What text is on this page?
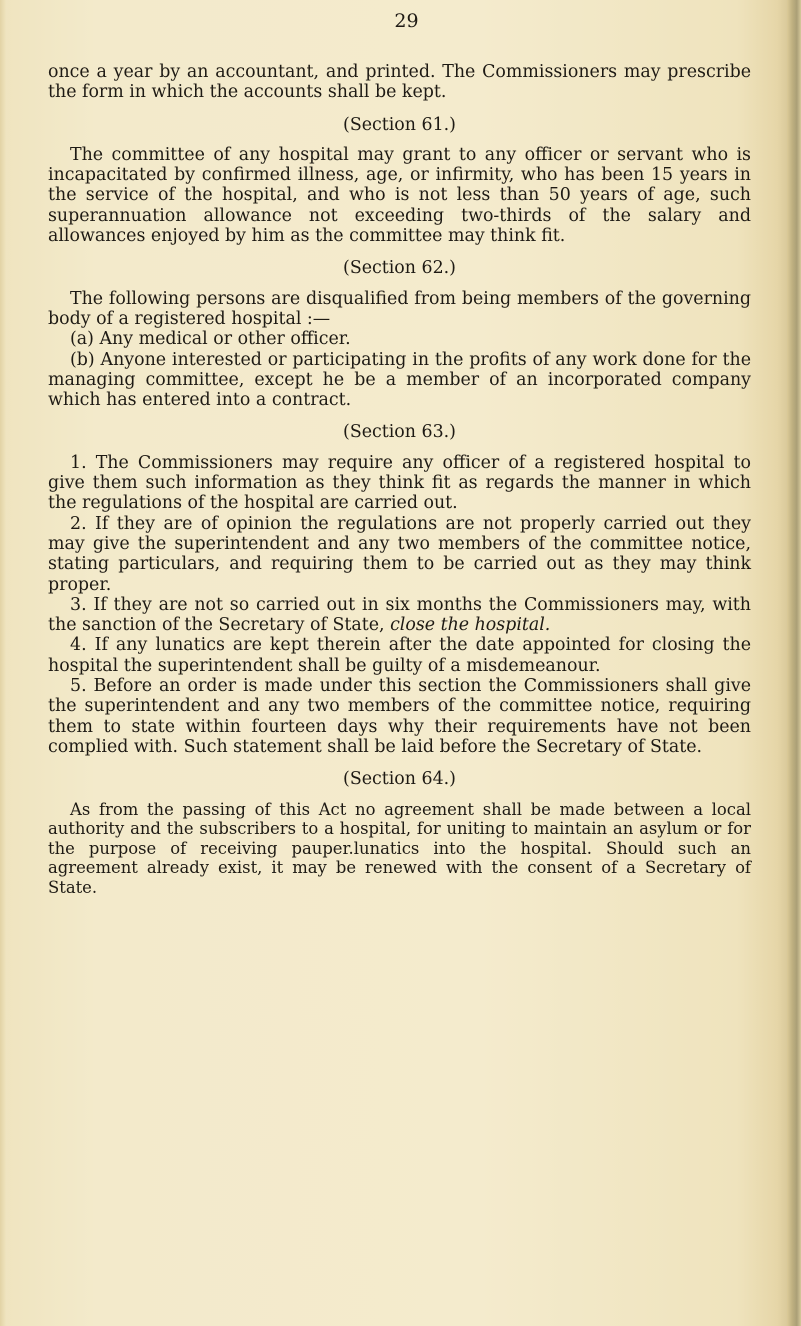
29

once a year by an accountant, and printed. The Commissioners may prescribe the form in which the accounts shall be kept.

(Section 61.)

The committee of any hospital may grant to any officer or servant who is incapacitated by confirmed illness, age, or infirmity, who has been 15 years in the service of the hospital, and who is not less than 50 years of age, such superannuation allowance not exceeding two-thirds of the salary and allowances enjoyed by him as the committee may think fit.

(Section 62.)

The following persons are disqualified from being members of the governing body of a registered hospital :—

(a) Any medical or other officer.

(b) Anyone interested or participating in the profits of any work done for the managing committee, except he be a member of an incorporated company which has entered into a contract.

(Section 63.)

1. The Commissioners may require any officer of a registered hospital to give them such information as they think fit as regards the manner in which the regulations of the hospital are carried out.

2. If they are of opinion the regulations are not properly carried out they may give the superintendent and any two members of the committee notice, stating particulars, and requiring them to be carried out as they may think proper.

3. If they are not so carried out in six months the Commissioners may, with the sanction of the Secretary of State, close the hospital.

4. If any lunatics are kept therein after the date appointed for closing the hospital the superintendent shall be guilty of a misdemeanour.

5. Before an order is made under this section the Commissioners shall give the superintendent and any two members of the committee notice, requiring them to state within fourteen days why their requirements have not been complied with. Such statement shall be laid before the Secretary of State.

(Section 64.)

As from the passing of this Act no agreement shall be made between a local authority and the subscribers to a hospital, for uniting to maintain an asylum or for the purpose of receiving pauper.lunatics into the hospital. Should such an agreement already exist, it may be renewed with the consent of a Secretary of State.
